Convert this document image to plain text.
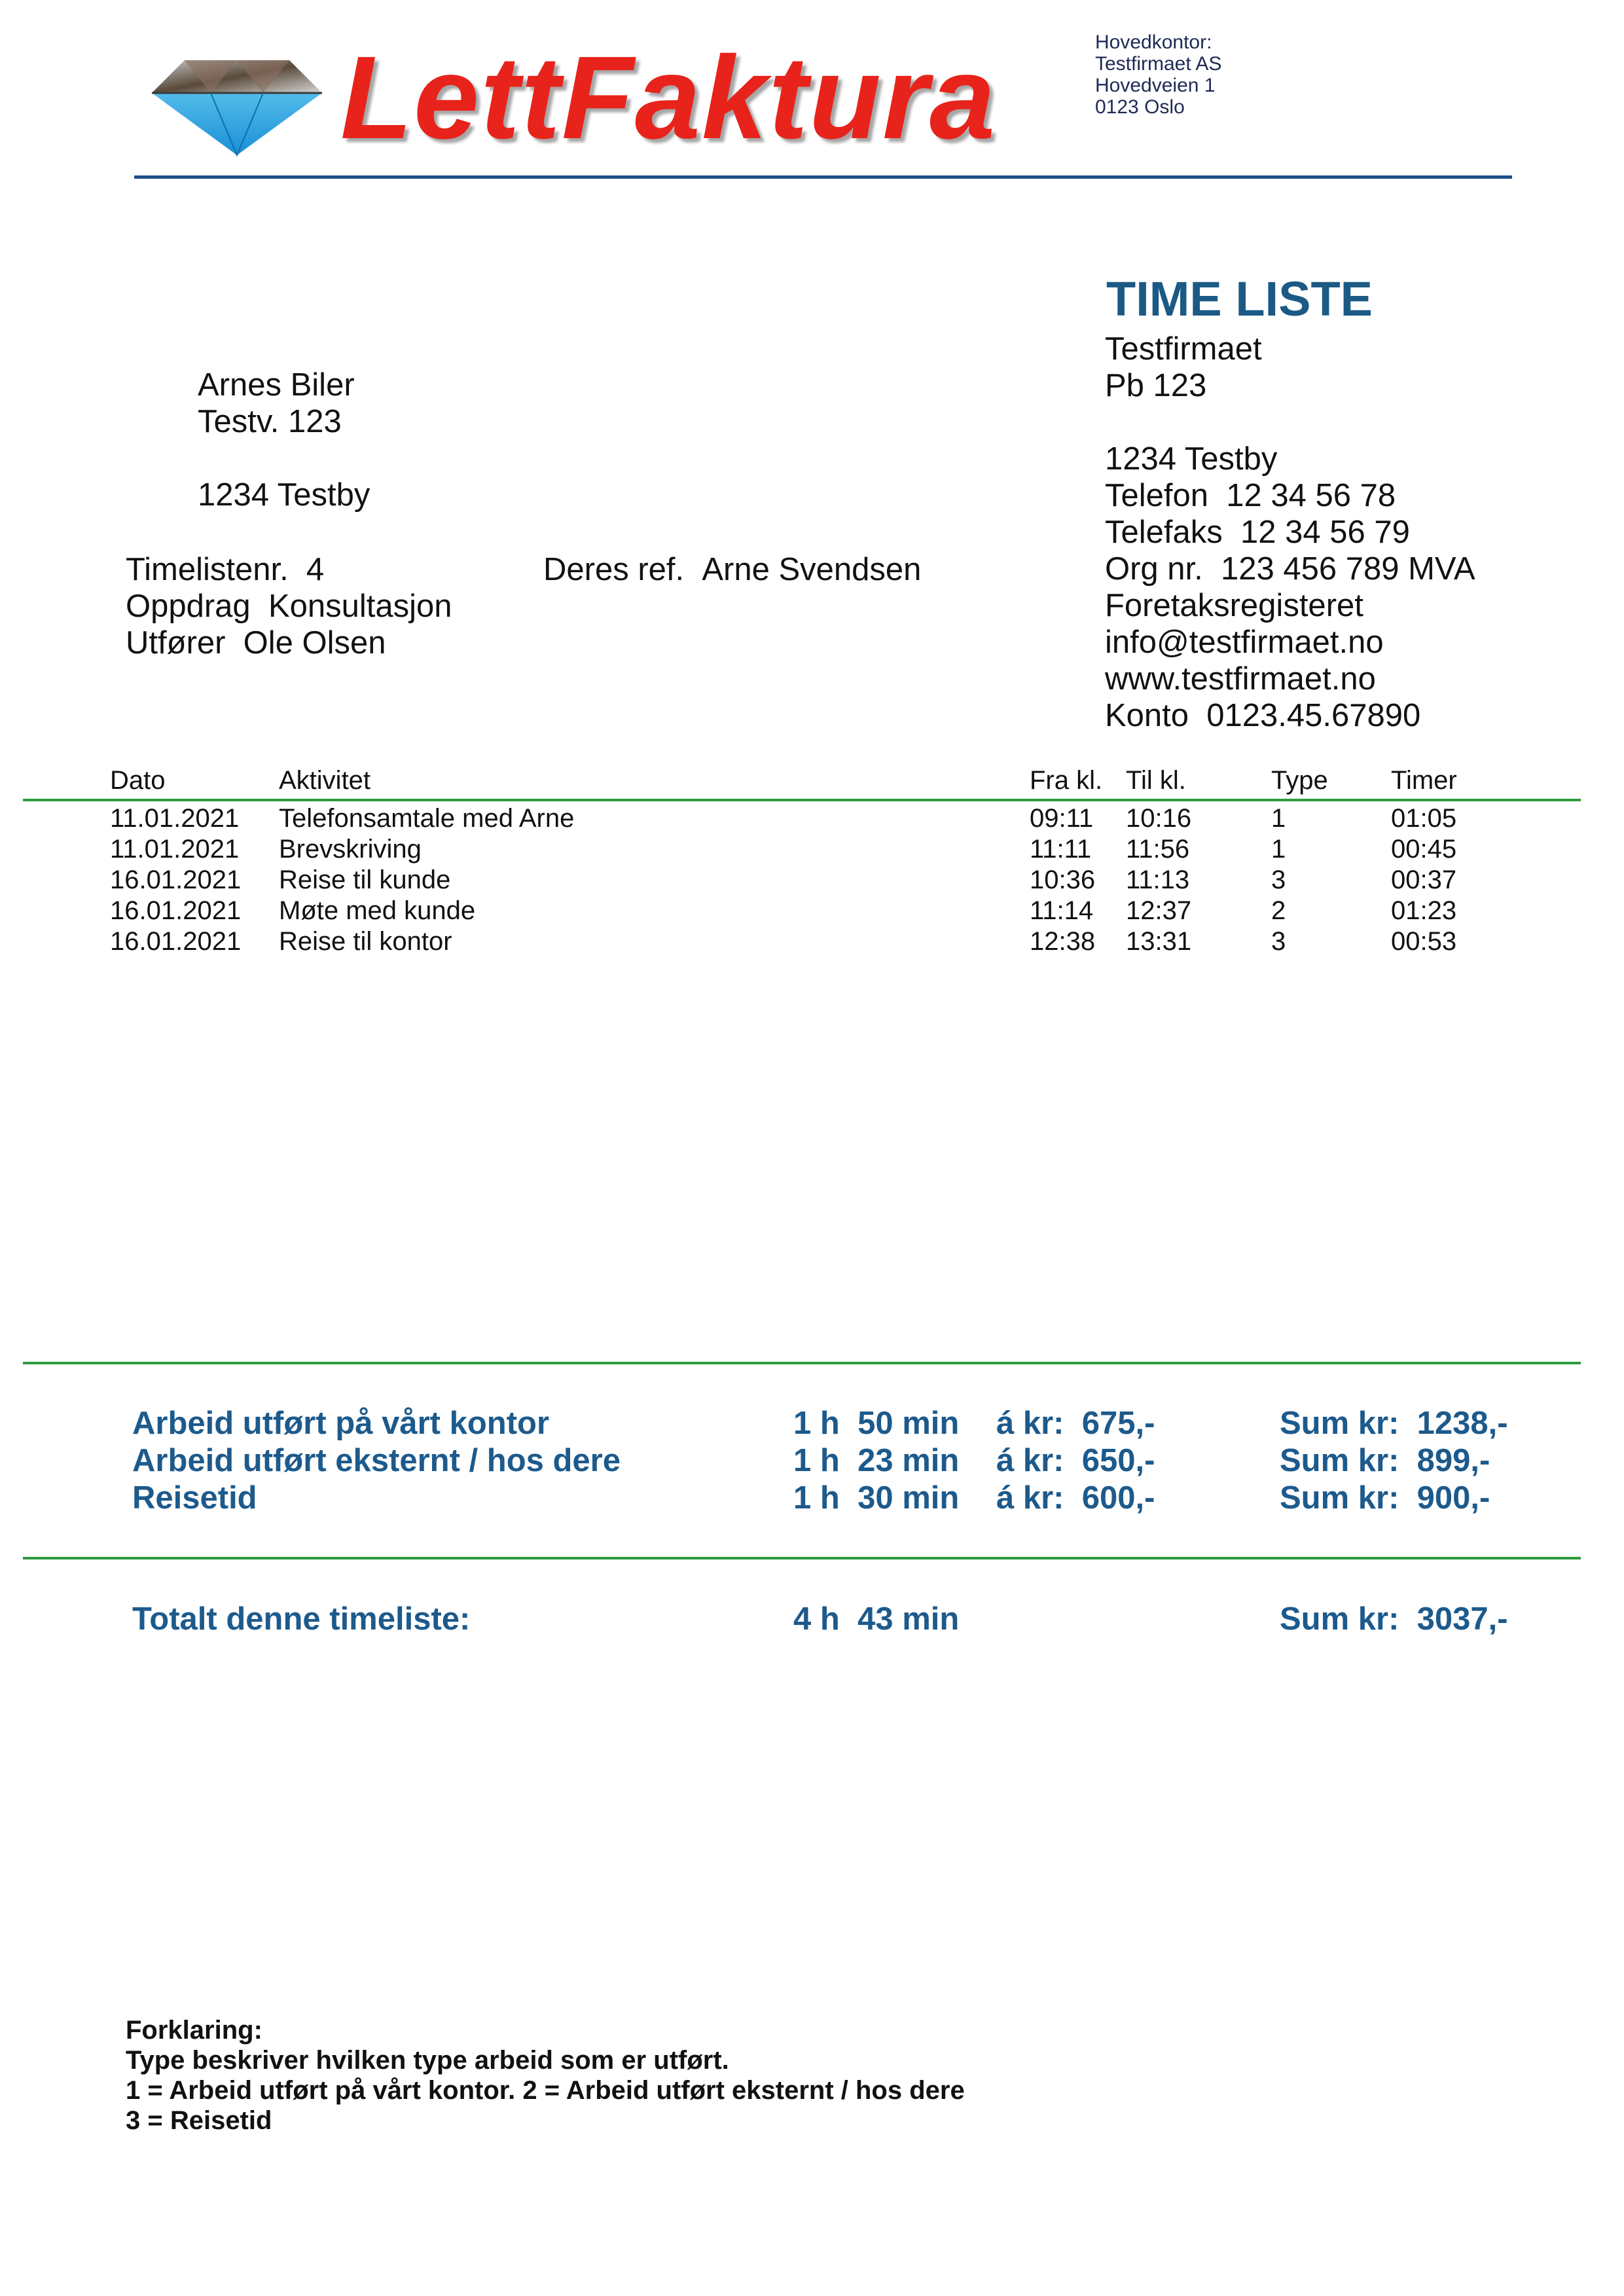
LettFaktura	Hovedkontor:
Testfirmaet AS
Hovedveien 1
0123 Oslo
TIME LISTE
Testfirmaet
Pb 123
1234 Testby
Telefon  12 34 56 78
Telefaks  12 34 56 79
Org nr.  123 456 789 MVA
Foretaksregisteret
info@testfirmaet.no
www.testfirmaet.no
Konto  0123.45.67890
Arnes Biler
Testv. 123
1234 Testby
Timelistenr. 4
Oppdrag Konsultasjon
Utfører Ole Olsen
Deres ref. Arne Svendsen
Dato	Aktivitet	Fra kl. Til kl.	Type Timer
11.01.2021 Telefonsamtale med Arne	09:11 10:16	1	01:05
11.01.2021 Brevskriving	11:11 11:56	1	00:45
16.01.2021 Reise til kunde	10:36 11:13	3	00:37
16.01.2021 Møte med kunde	11:14 12:37	2	01:23
16.01.2021 Reise til kontor	12:38 13:31	3	00:53
Arbeid utført på vårt kontor	1 h 50 min á kr: 675,-	Sum kr: 1238,-
Arbeid utført eksternt / hos dere	1 h 23 min á kr: 650,-	Sum kr: 899,-
Reisetid	1 h 30 min á kr: 600,-	Sum kr: 900,-
Totalt denne timeliste:	4 h 43 min	Sum kr: 3037,-
Forklaring:
Type beskriver hvilken type arbeid som er utført.
1 = Arbeid utført på vårt kontor. 2 = Arbeid utført eksternt / hos dere
3 = Reisetid
